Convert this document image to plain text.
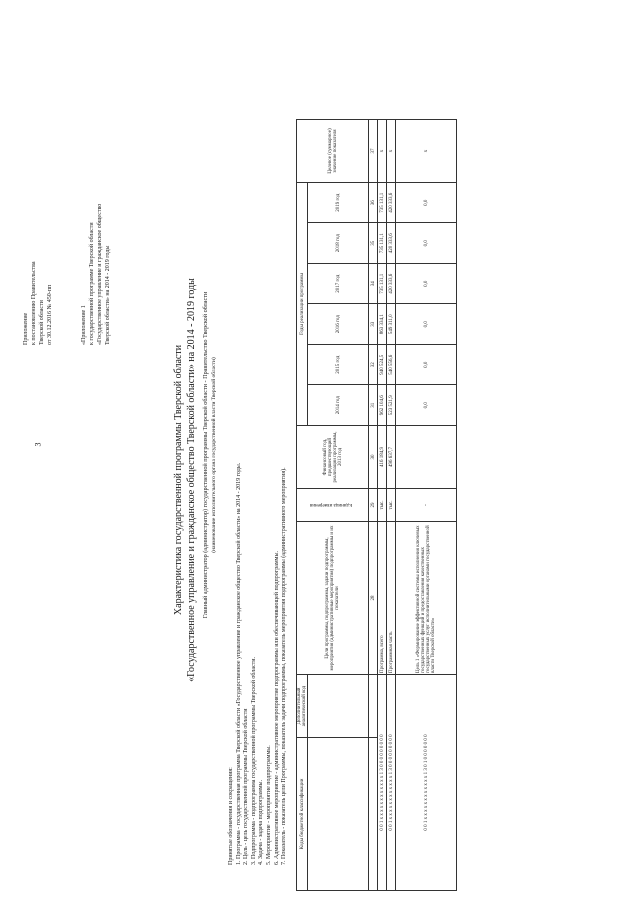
3
Приложение к постановлению Правительства Тверской области от 30.12.2016 № 450-пп	«Приложение 1 к государственной программе Тверской области «Государственное управление и гражданское общество Тверской области» на 2014 - 2019 годы
Характеристика государственной программы Тверской области «Государственное управление и гражданское общество Тверской области» на 2014 - 2019 годы Главный администратор (администратор) государственной программы Тверской области - Правительство Тверской области (наименование исполнительного органа государственной власти Тверской области)
Принятые обозначения и сокращения: 1. Программа - государственная программа Тверской области «Государственное управление и гражданское общество Тверской области» на 2014 - 2019 годы. 2. Цель - цель государственной программы Тверской области 3. Подпрограмма - подпрограмма государственной программы Тверской области. 4. Задача - задача подпрограммы. 5. Мероприятие - мероприятие подпрограммы. 6. Административное мероприятие - административное мероприятие подпрограммы или обеспечивающей подпрограммы. 7. Показатель - показатель цели Программы, показатель задачи подпрограммы, показатель мероприятия подпрограммы (административного мероприятия).	Коды бюджетной классификации	Дополнительный аналитический код	Цели программы, подпрограммы, задачи подпрограммы, мероприятия (административные мероприятия) подпрограммы и их показатели	Единица измерения	Финансовый год, предшествующий реализации программы, 2013 год	Годы реализации программы						Целевое (суммарное) значение показателя
					2014 год	2015 год	2016 год	2017 год	2018 год	2019 год	
		28	29	30	31	32	33	34	35	36	37
0 0 1 x x x x x x x x x x x x 1 3 0 0 0 0 0 0 0 0 0		Программа, всего	тыс.	416 184,9	962 104,6	940 524,5	863 334,1	735 131,1	735 131,1	735 131,1	x
0 0 1 x x x x x x x x x x x x 1 3 0 0 0 0 0 0 0 0 0		Программная часть	тыс.	496 637,7	523 521,9	540 556,6	549 311,0	420 333,6	420 333,6	420 333,6	x
0 0 1 x x x x x x x x x x x x 1 3 0 1 0 0 0 0 0 0 0		Цель 1 «Формирование эффективной системы исполнения ключевых государственных функций и предоставления качественных государственных услуг исполнительными органами государственной власти Тверской области»	-		0,0	0,0	0,0	0,0	0,0	0,0	x
